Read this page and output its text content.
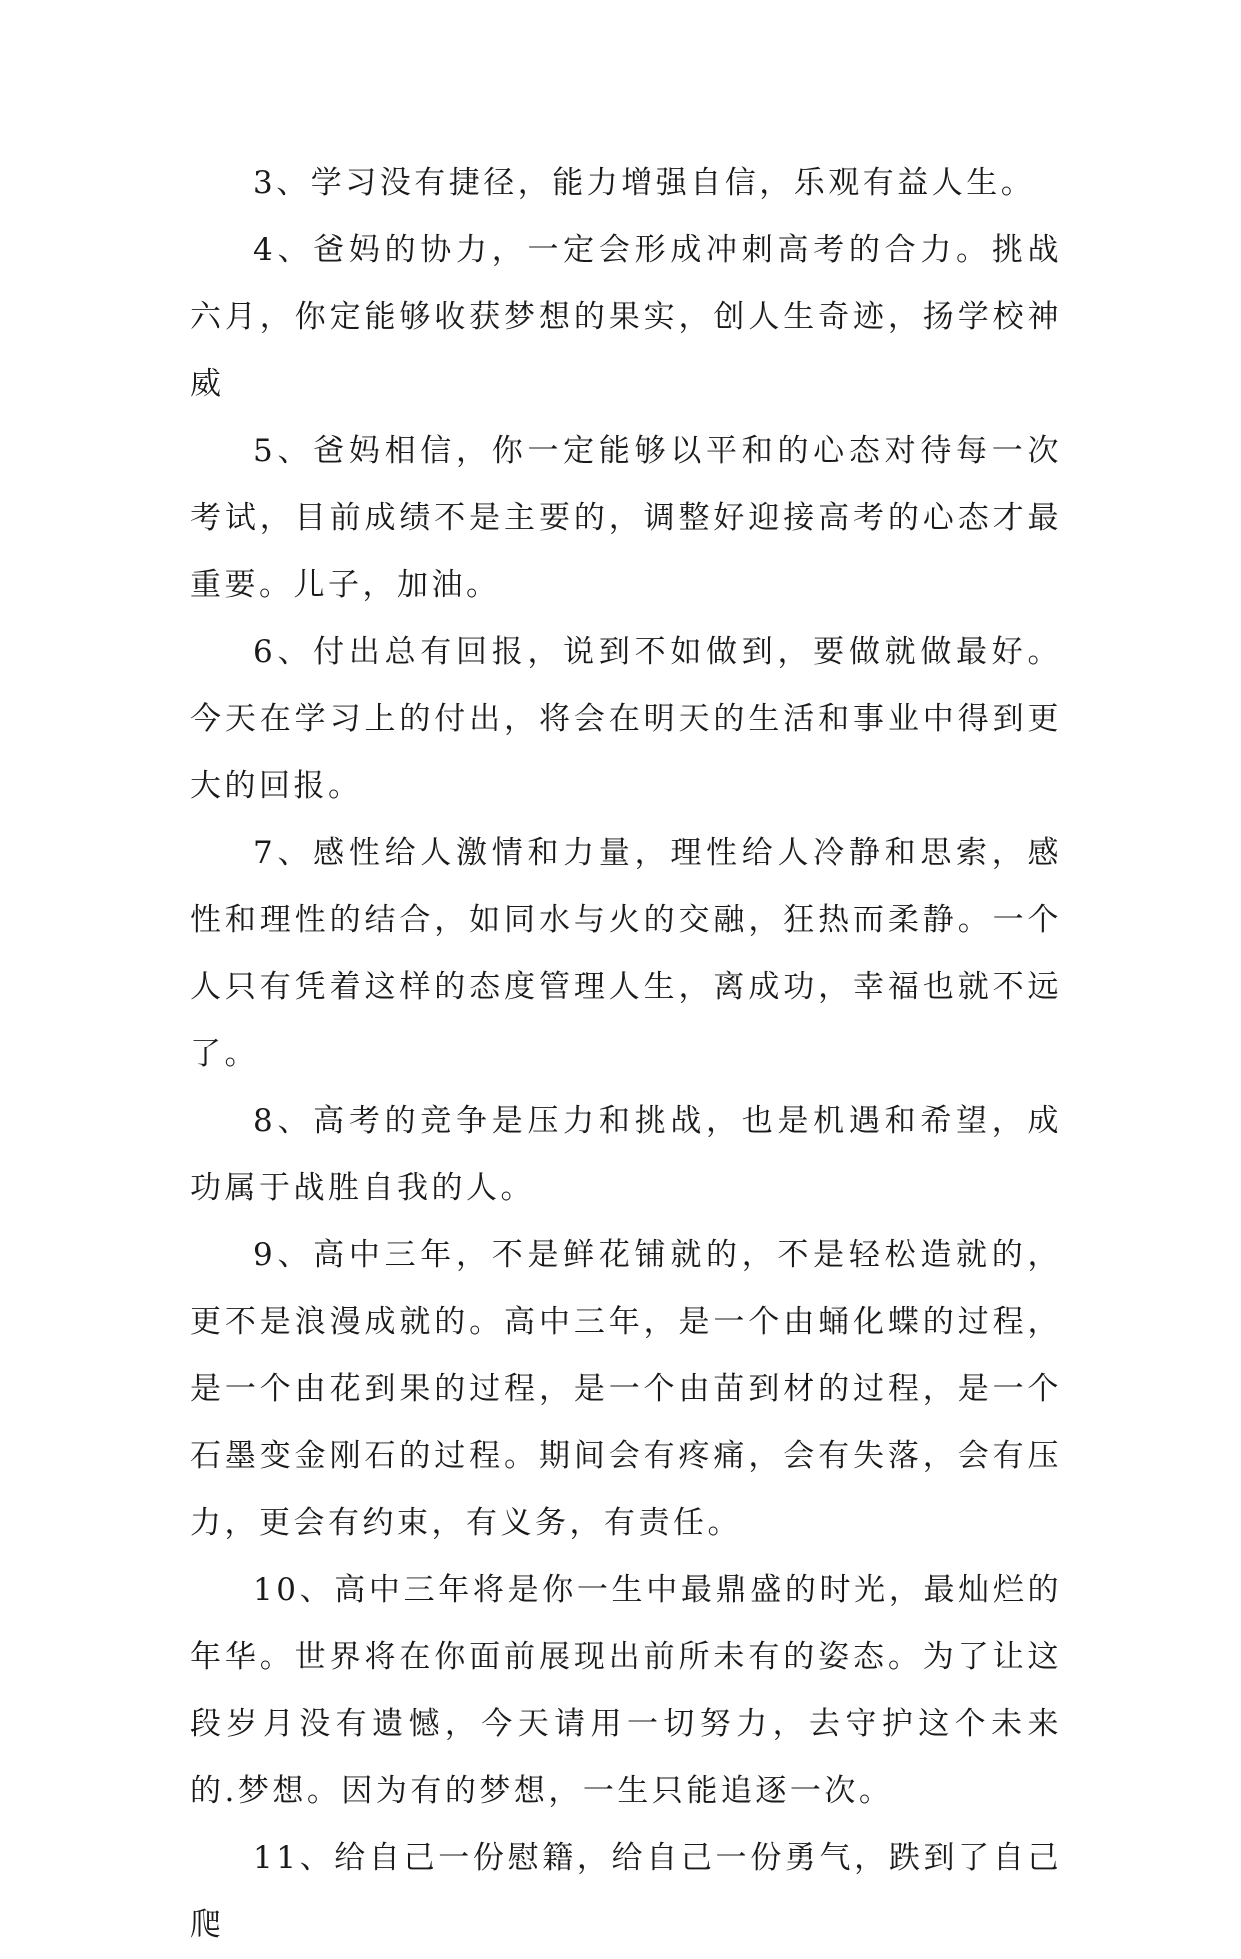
3、学习没有捷径，能力增强自信，乐观有益人生。

4、爸妈的协力，一定会形成冲刺高考的合力。挑战六月，你定能够收获梦想的果实，创人生奇迹，扬学校神威

5、爸妈相信，你一定能够以平和的心态对待每一次考试，目前成绩不是主要的，调整好迎接高考的心态才最重要。儿子，加油。

6、付出总有回报，说到不如做到，要做就做最好。今天在学习上的付出，将会在明天的生活和事业中得到更大的回报。

7、感性给人激情和力量，理性给人冷静和思索，感性和理性的结合，如同水与火的交融，狂热而柔静。一个人只有凭着这样的态度管理人生，离成功，幸福也就不远了。

8、高考的竞争是压力和挑战，也是机遇和希望，成功属于战胜自我的人。

9、高中三年，不是鲜花铺就的，不是轻松造就的，更不是浪漫成就的。高中三年，是一个由蛹化蝶的过程，是一个由花到果的过程，是一个由苗到材的过程，是一个石墨变金刚石的过程。期间会有疼痛，会有失落，会有压力，更会有约束，有义务，有责任。

10、高中三年将是你一生中最鼎盛的时光，最灿烂的年华。世界将在你面前展现出前所未有的姿态。为了让这段岁月没有遗憾，今天请用一切努力，去守护这个未来的.梦想。因为有的梦想，一生只能追逐一次。

11、给自己一份慰籍，给自己一份勇气，跌到了自己爬
